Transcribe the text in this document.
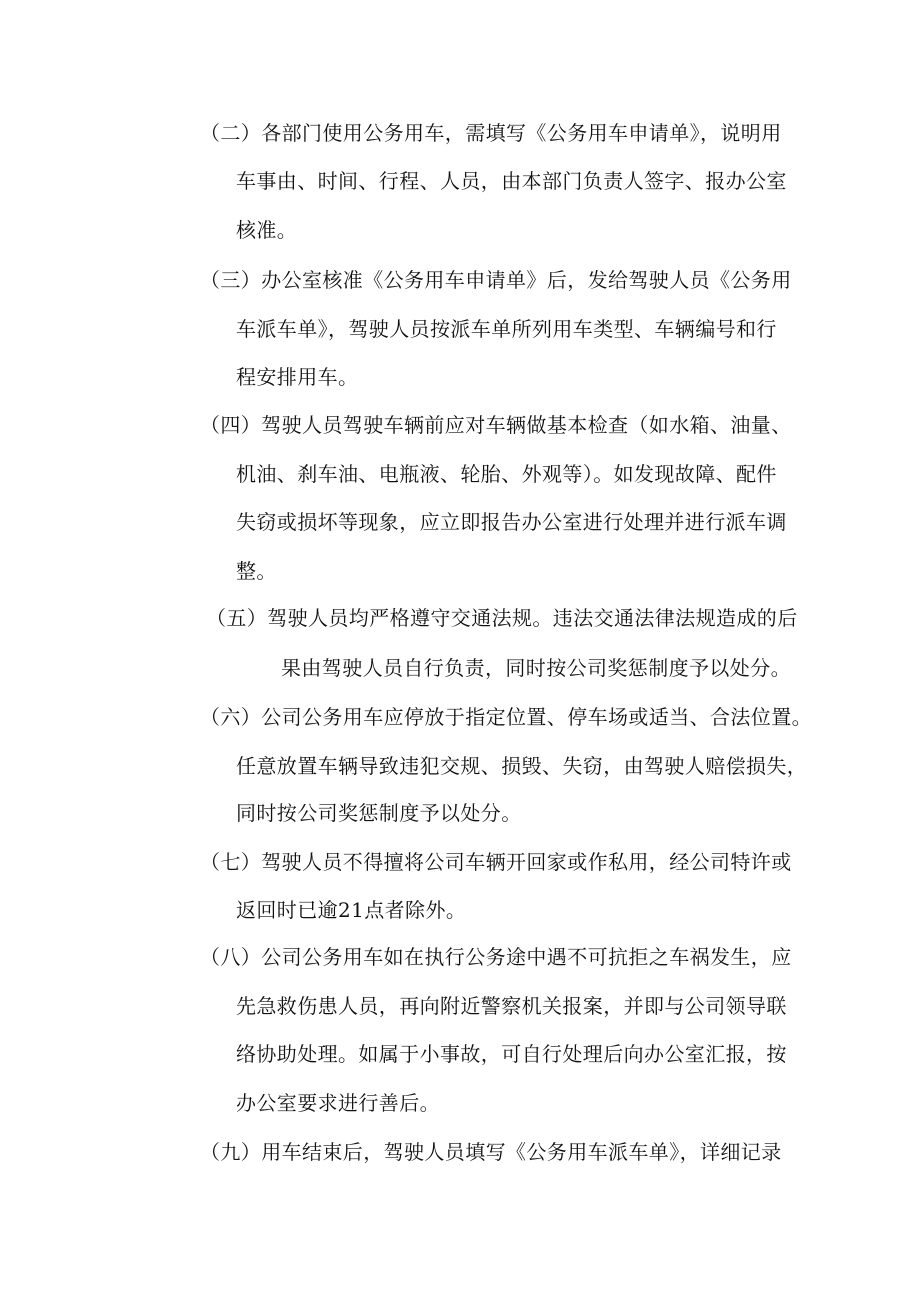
（二）各部门使用公务用车，需填写《公务用车申请单》，说明用
车事由、时间、行程、人员，由本部门负责人签字、报办公室
核准。
（三）办公室核准《公务用车申请单》后，发给驾驶人员《公务用
车派车单》，驾驶人员按派车单所列用车类型、车辆编号和行
程安排用车。
（四）驾驶人员驾驶车辆前应对车辆做基本检查（如水箱、油量、
机油、刹车油、电瓶液、轮胎、外观等）。如发现故障、配件
失窃或损坏等现象，应立即报告办公室进行处理并进行派车调
整。
（五）驾驶人员均严格遵守交通法规。违法交通法律法规造成的后
果由驾驶人员自行负责，同时按公司奖惩制度予以处分。
（六）公司公务用车应停放于指定位置、停车场或适当、合法位置。
任意放置车辆导致违犯交规、损毁、失窃，由驾驶人赔偿损失，
同时按公司奖惩制度予以处分。
（七）驾驶人员不得擅将公司车辆开回家或作私用，经公司特许或
返回时已逾21点者除外。
（八）公司公务用车如在执行公务途中遇不可抗拒之车祸发生，应
先急救伤患人员，再向附近警察机关报案，并即与公司领导联
络协助处理。如属于小事故，可自行处理后向办公室汇报，按
办公室要求进行善后。
（九）用车结束后，驾驶人员填写《公务用车派车单》，详细记录
